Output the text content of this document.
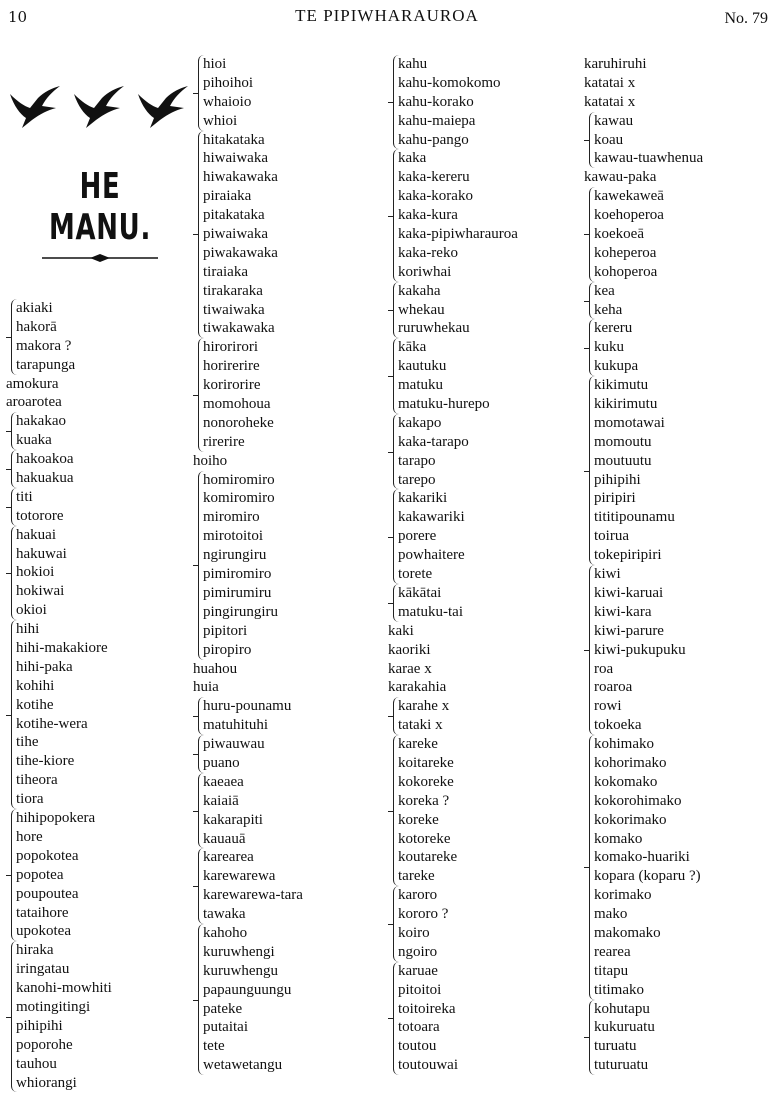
10	TE PIPIWHARAUROA	No. 79
HE MANU.
akiaki
hakorā
makora ?
tarapunga
amokura
aroarotea
hakakao
kuaka
hakoakoa
hakuakua
titi
totorore
hakuai
hakuwai
hokioi
hokiwai
okioi
hihi
hihi-makakiore
hihi-paka
kohihi
kotihe
kotihe-wera
tihe
tihe-kiore
tiheora
tiora
hihipopokera
hore
popokotea
popotea
poupoutea
tataihore
upokotea
hiraka
iringatau
kanohi-mowhiti
motingitingi
pihipihi
poporohe
tauhou
whiorangi
hioi
pihoihoi
whaioio
whioi
hitakataka
hiwaiwaka
hiwakawaka
piraiaka
pitakataka
piwaiwaka
piwakawaka
tiraiaka
tirakaraka
tiwaiwaka
tiwakawaka
hirorirori
horirerire
korirorire
momohoua
nonoroheke
rirerire
hoiho
homiromiro
komiromiro
miromiro
mirotoitoi
ngirungiru
pimiromiro
pimirumiru
pingirungiru
pipitori
piropiro
huahou
huia
huru-pounamu
matuhituhi
piwauwau
puano
kaeaea
kaiaiā
kakarapiti
kauauā
karearea
karewarewa
karewarewa-tara
tawaka
kahoho
kuruwhengi
kuruwhengu
papaunguungu
pateke
putaitai
tete
wetawetangu
kahu
kahu-komokomo
kahu-korako
kahu-maiepa
kahu-pango
kaka
kaka-kereru
kaka-korako
kaka-kura
kaka-pipiwharauroa
kaka-reko
koriwhai
kakaha
whekau
ruruwhekau
kāka
kautuku
matuku
matuku-hurepo
kakapo
kaka-tarapo
tarapo
tarepo
kakariki
kakawariki
porere
powhaitere
torete
kākātai
matuku-tai
kaki
kaoriki
karae x
karakahia
karahe x
tataki x
kareke
koitareke
kokoreke
koreka ?
koreke
kotoreke
koutareke
tareke
karoro
kororo ?
koiro
ngoiro
karuae
pitoitoi
toitoireka
totoara
toutou
toutouwai
karuhiruhi
katatai x
katatai x
kawau
koau
kawau-tuawhenua
kawau-paka
kawekaweā
koehoperoa
koekoeā
koheperoa
kohoperoa
kea
keha
kereru
kuku
kukupa
kikimutu
kikirimutu
momotawai
momoutu
moutuutu
pihipihi
piripiri
tititipounamu
toirua
tokepiripiri
kiwi
kiwi-karuai
kiwi-kara
kiwi-parure
kiwi-pukupuku
roa
roaroa
rowi
tokoeka
kohimako
kohorimako
kokomako
kokorohimako
kokorimako
komako
komako-huariki
kopara (koparu ?)
korimako
mako
makomako
rearea
titapu
titimako
kohutapu
kukuruatu
turuatu
tuturuatu
